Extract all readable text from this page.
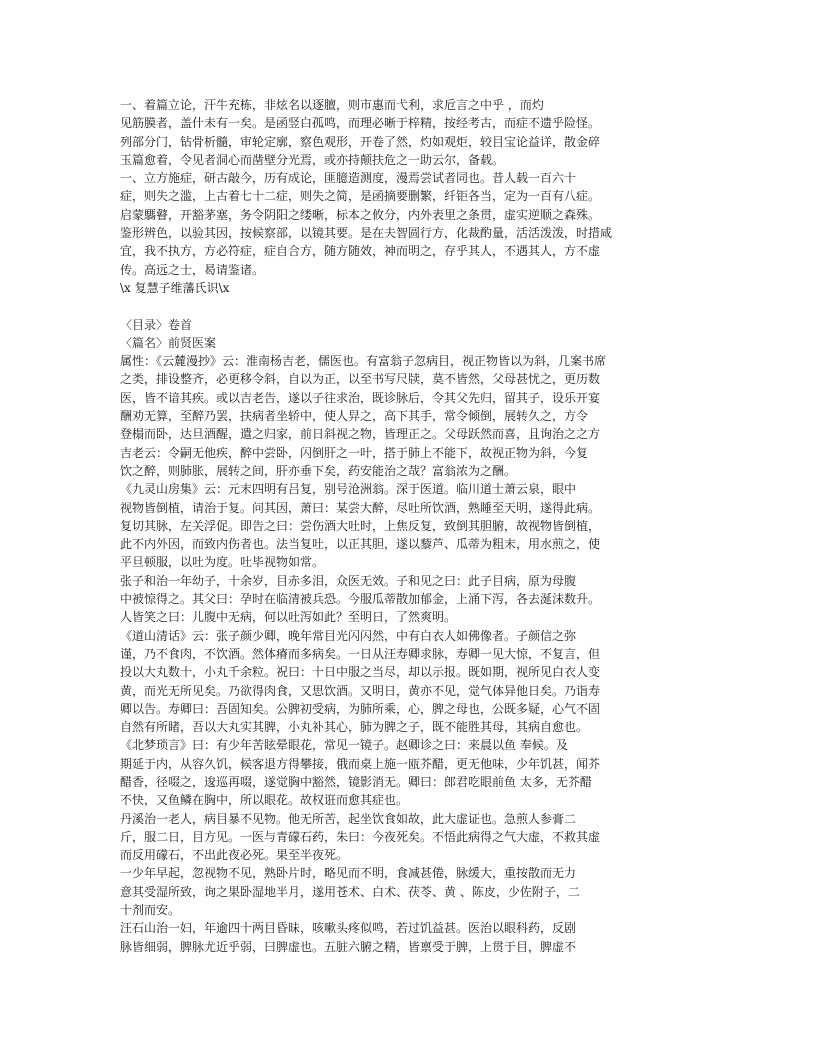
一、着篇立论，汗牛充栋，非炫名以逐膻，则市惠而弋利，求卮言之中乎 ，而灼
见筋膜者，盖什未有一矣。是函竖白孤鸣，而理必晰于梓精，按经考古，而症不遗乎险怪。
列部分门，钻骨析髓，审轮定廓，察色观形，开卷了然，灼如观炬，较目宝论益详，散金碎
玉篇愈着，令见者洞心而凿壁分光焉，或亦持颠扶危之一助云尔，备载。
一、立方施症，研古敲今，历有成论，匪臆造测度，漫焉尝试者同也。昔人载一百六十
症，则失之滥，上古着七十二症，则失之简，是函摘要删繁，纤钜各当，定为一百有八症。
启蒙騳瞽，开豁茅塞，务令阴阳之缕晰，标本之攸分，内外表里之条贯，虚实逆顺之森殊。
鉴形辨色，以验其因，按候察部，以镜其要。是在夫智圆行方，化裁酌量，活活泼泼，时措咸
宜，我不执方，方必符症，症自合方，随方随效，神而明之，存乎其人，不遇其人，方不虚
传。高远之士，曷请鉴诸。
\x 复慧子维藩氏识\x
〈目录〉卷首
〈篇名〉前贤医案
属性：《云麓漫抄》云：淮南杨吉老，儒医也。有富翁子忽病目，视正物皆以为斜，几案书席
之类，排设整齐，必更移令斜，自以为正，以至书写尺牍，莫不皆然，父母甚忧之，更历数
医，皆不谙其疾。或以吉老告，遂以子往求治，既诊脉后，令其父先归，留其子，设乐开宴
酬劝无算，至醉乃罢，扶病者坐轿中，使人舁之，高下其手，常令倾倒，展转久之，方令
登榻而卧，达旦酒醒，遣之归家，前日斜视之物，皆理正之。父母跃然而喜，且询治之之方
吉老云：令嗣无他疾，醉中尝卧，闪倒肝之一叶，搭于肺上不能下，故视正物为斜，今复
饮之醉，则肺胀，展转之间，肝亦垂下矣，药安能治之哉？富翁浓为之酬。
《九灵山房集》云：元末四明有吕复，别号沧洲翁。深于医道。临川道士萧云泉，眼中
视物皆倒植，请治于复。问其因，萧曰：某尝大醉，尽吐所饮酒，熟睡至天明，遂得此病。
复切其脉，左关浮促。即告之曰：尝伤酒大吐时，上焦反复，致倒其胆腑，故视物皆倒植，
此不内外因，而致内伤者也。法当复吐，以正其胆，遂以藜芦、瓜蒂为粗末，用水煎之，使
平旦顿服，以吐为度。吐毕视物如常。
张子和治一年幼子，十余岁，目赤多泪，众医无效。子和见之曰：此子目病，原为母腹
中被惊得之。其父曰：孕时在临清被兵恐。今服瓜蒂散加郁金，上涌下泻，各去涎沫数升。
人皆笑之曰：儿腹中无病，何以吐泻如此？至明日，了然爽明。
《道山清话》云：张子颜少卿，晚年常目光闪闪然，中有白衣人如佛像者。子颜信之弥
谨，乃不食肉，不饮酒。然体瘠而多病矣。一日从汪寿卿求脉，寿卿一见大惊，不复言，但
投以大丸数十，小丸千余粒。祝曰：十日中服之当尽，却以示报。既如期，视所见白衣人变
黄，而光无所见矣。乃欲得肉食，又思饮酒。又明日，黄亦不见，觉气体异他日矣。乃诣寿
卿以告。寿卿曰：吾固知矣。公脾初受病，为肺所乘，心，脾之母也，公既多疑，心气不固
自然有所睹，吾以大丸实其脾，小丸补其心，肺为脾之子，既不能胜其母，其病自愈也。
《北梦琐言》曰：有少年苦眩晕眼花，常见一镜子。赵卿诊之曰：来晨以鱼 奉候。及
期延于内，从容久饥，候客退方得攀接，俄而桌上施一瓯芥醋，更无他味，少年饥甚，闻芥
醋香，径啜之，逡巡再啜，遂觉胸中豁然，镜影消无。卿曰：郎君吃眼前鱼 太多，无芥醋
不快，又鱼鳞在胸中，所以眼花。故权诳而愈其症也。
丹溪治一老人，病目暴不见物。他无所苦，起坐饮食如故，此大虚证也。急煎人参膏二
斤，服二日，目方见。一医与青礞石药，朱曰：今夜死矣。不悟此病得之气大虚，不救其虚
而反用礞石，不出此夜必死。果至半夜死。
一少年早起，忽视物不见，熟卧片时，略见而不明，食减甚倦，脉缓大，重按散而无力
意其受湿所致，询之果卧湿地半月，遂用苍术、白术、茯苓、黄 、陈皮，少佐附子，二
十剂而安。
汪石山治一妇，年逾四十两目昏昧，咳嗽头疼似鸣，若过饥益甚。医治以眼科药，反剧
脉皆细弱，脾脉尤近乎弱，曰脾虚也。五脏六腑之精，皆禀受于脾，上贯于目，脾虚不
